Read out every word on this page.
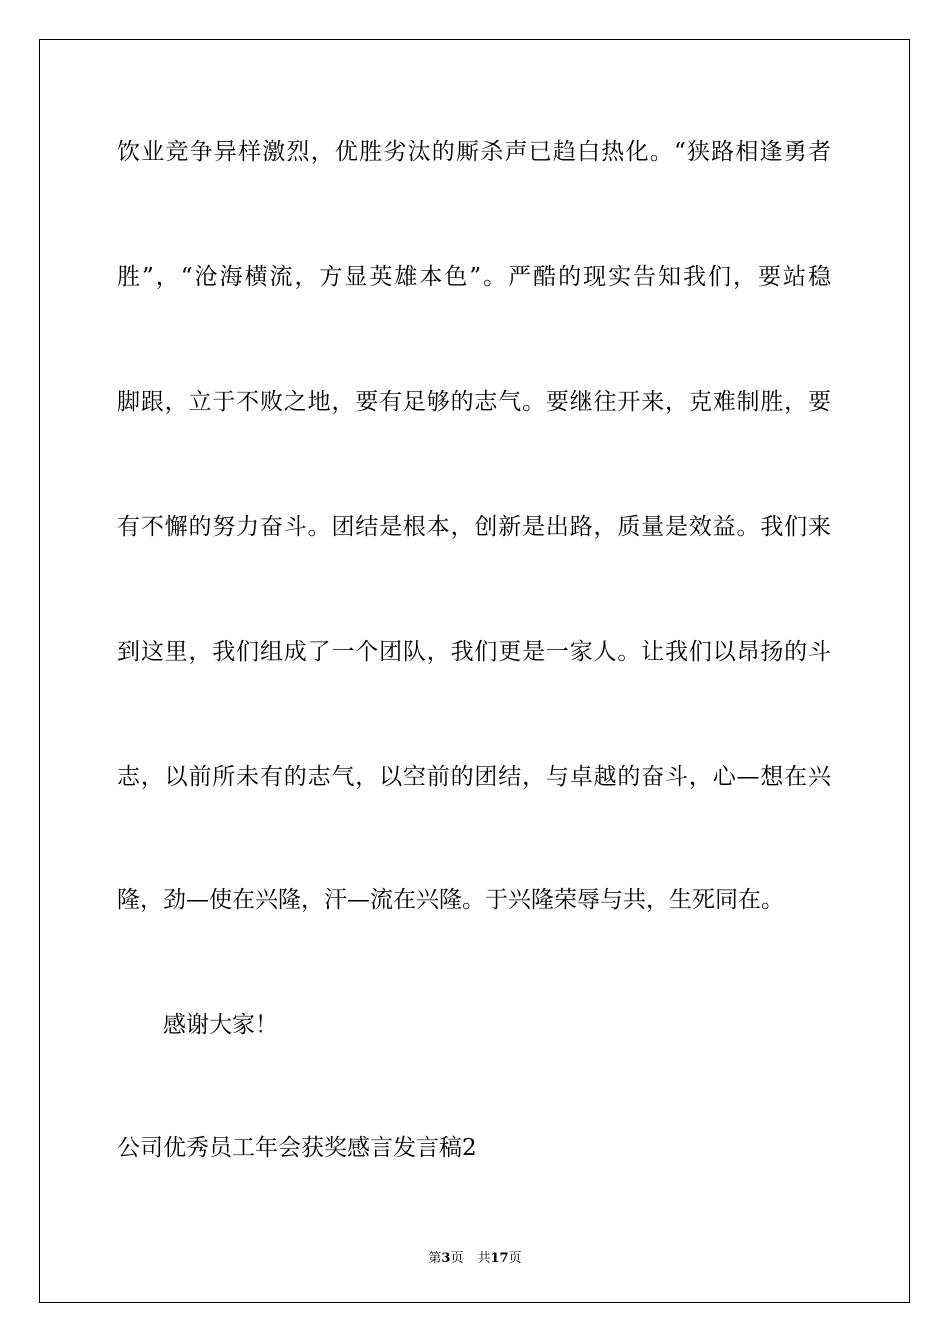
饮业竞争异样激烈，优胜劣汰的厮杀声已趋白热化。“狭路相逢勇者
胜”，“沧海横流，方显英雄本色”。严酷的现实告知我们，要站稳
脚跟，立于不败之地，要有足够的志气。要继往开来，克难制胜，要
有不懈的努力奋斗。团结是根本，创新是出路，质量是效益。我们来
到这里，我们组成了一个团队，我们更是一家人。让我们以昂扬的斗
志，以前所未有的志气，以空前的团结，与卓越的奋斗，心—想在兴
隆，劲—使在兴隆，汗—流在兴隆。于兴隆荣辱与共，生死同在。
感谢大家！
公司优秀员工年会获奖感言发言稿2
第3页 共17页
